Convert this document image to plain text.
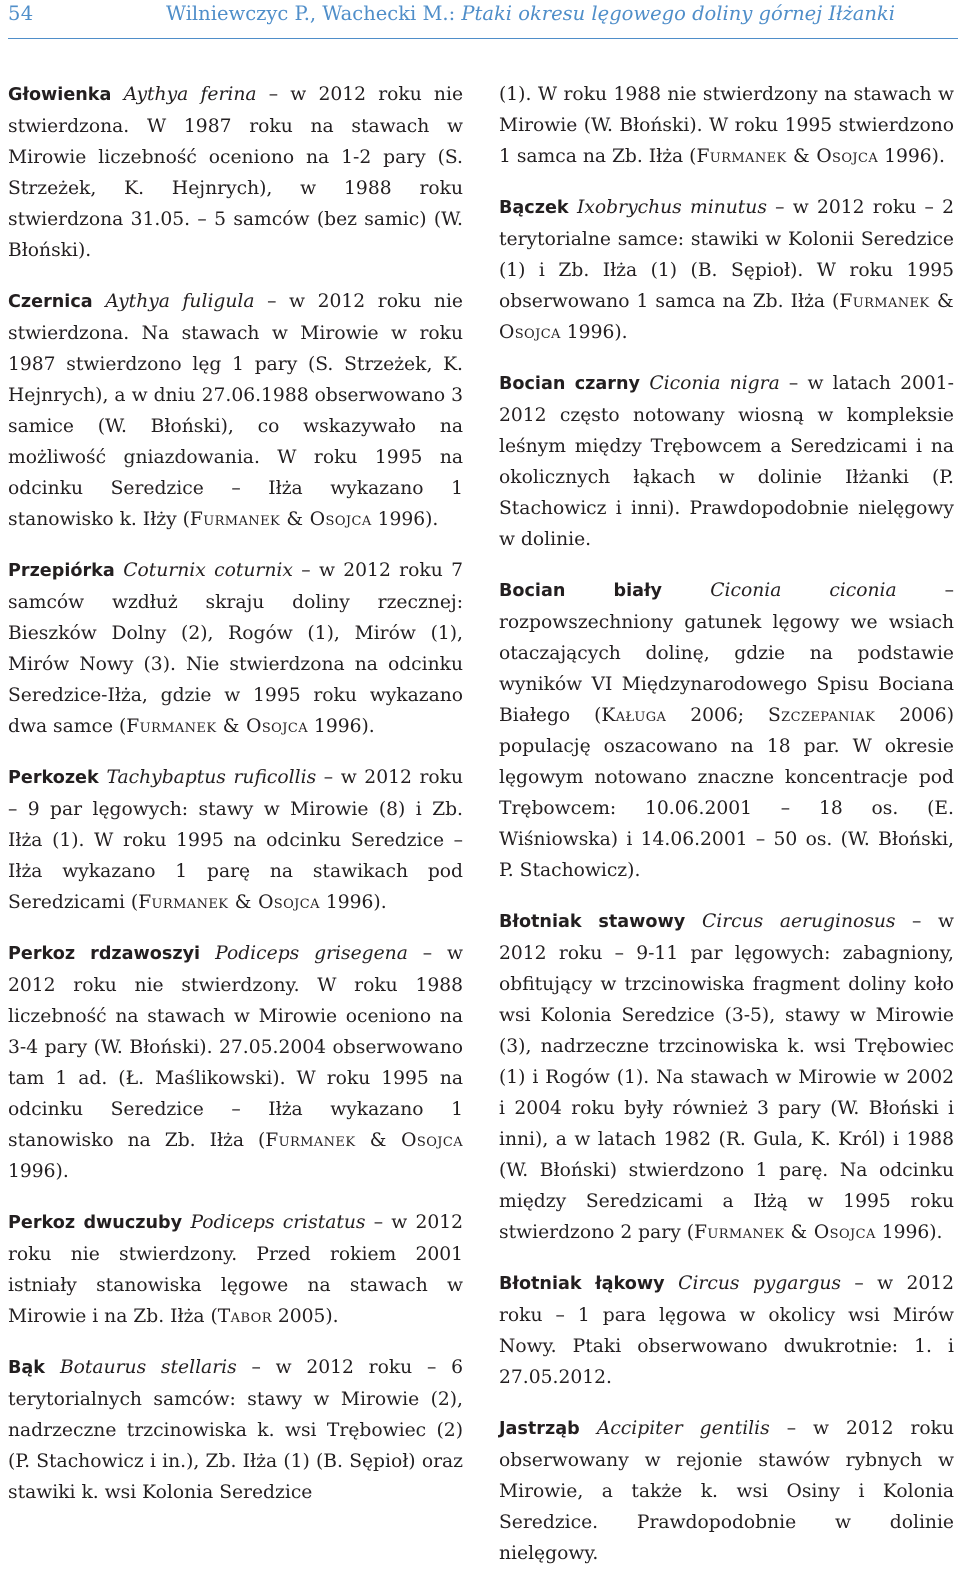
54	Wilniewczyc P., Wachecki M.: Ptaki okresu lęgowego doliny górnej Iłżanki

Głowienka Aythya ferina – w 2012 roku nie stwierdzona. W 1987 roku na stawach w Mirowie liczebność oceniono na 1-2 pary (S. Strzeżek, K. Hejnrych), w 1988 roku stwierdzona 31.05. – 5 samców (bez samic) (W. Błoński).

Czernica Aythya fuligula – w 2012 roku nie stwierdzona. Na stawach w Mirowie w roku 1987 stwierdzono lęg 1 pary (S. Strzeżek, K. Hejnrych), a w dniu 27.06.1988 obserwowano 3 samice (W. Błoński), co wskazywało na możliwość gniazdowania. W roku 1995 na odcinku Seredzice – Iłża wykazano 1 stanowisko k. Iłży (Furmanek & Osojca 1996).

Przepiórka Coturnix coturnix – w 2012 roku 7 samców wzdłuż skraju doliny rzecznej: Bieszków Dolny (2), Rogów (1), Mirów (1), Mirów Nowy (3). Nie stwierdzona na odcinku Seredzice-Iłża, gdzie w 1995 roku wykazano dwa samce (Furmanek & Osojca 1996).

Perkozek Tachybaptus ruficollis – w 2012 roku – 9 par lęgowych: stawy w Mirowie (8) i Zb. Iłża (1). W roku 1995 na odcinku Seredzice – Iłża wykazano 1 parę na stawikach pod Seredzicami (Furmanek & Osojca 1996).

Perkoz rdzawoszyi Podiceps grisegena – w 2012 roku nie stwierdzony. W roku 1988 liczebność na stawach w Mirowie oceniono na 3-4 pary (W. Błoński). 27.05.2004 obserwowano tam 1 ad. (Ł. Maślikowski). W roku 1995 na odcinku Seredzice – Iłża wykazano 1 stanowisko na Zb. Iłża (Furmanek & Osojca 1996).

Perkoz dwuczuby Podiceps cristatus – w 2012 roku nie stwierdzony. Przed rokiem 2001 istniały stanowiska lęgowe na stawach w Mirowie i na Zb. Iłża (Tabor 2005).

Bąk Botaurus stellaris – w 2012 roku – 6 terytorialnych samców: stawy w Mirowie (2), nadrzeczne trzcinowiska k. wsi Trębowiec (2) (P. Stachowicz i in.), Zb. Iłża (1) (B. Sępioł) oraz stawiki k. wsi Kolonia Seredzice

(1). W roku 1988 nie stwierdzony na stawach w Mirowie (W. Błoński). W roku 1995 stwierdzono 1 samca na Zb. Iłża (Furmanek & Osojca 1996).

Bączek Ixobrychus minutus – w 2012 roku – 2 terytorialne samce: stawiki w Kolonii Seredzice (1) i Zb. Iłża (1) (B. Sępioł). W roku 1995 obserwowano 1 samca na Zb. Iłża (Furmanek & Osojca 1996).

Bocian czarny Ciconia nigra – w latach 2001-2012 często notowany wiosną w kompleksie leśnym między Trębowcem a Seredzicami i na okolicznych łąkach w dolinie Iłżanki (P. Stachowicz i inni). Prawdopodobnie nielęgowy w dolinie.

Bocian biały Ciconia ciconia – rozpowszechniony gatunek lęgowy we wsiach otaczających dolinę, gdzie na podstawie wyników VI Międzynarodowego Spisu Bociana Białego (Kaługa 2006; Szczepaniak 2006) populację oszacowano na 18 par. W okresie lęgowym notowano znaczne koncentracje pod Trębowcem: 10.06.2001 – 18 os. (E. Wiśniowska) i 14.06.2001 – 50 os. (W. Błoński, P. Stachowicz).

Błotniak stawowy Circus aeruginosus – w 2012 roku – 9-11 par lęgowych: zabagniony, obfitujący w trzcinowiska fragment doliny koło wsi Kolonia Seredzice (3-5), stawy w Mirowie (3), nadrzeczne trzcinowiska k. wsi Trębowiec (1) i Rogów (1). Na stawach w Mirowie w 2002 i 2004 roku były również 3 pary (W. Błoński i inni), a w latach 1982 (R. Gula, K. Król) i 1988 (W. Błoński) stwierdzono 1 parę. Na odcinku między Seredzicami a Iłżą w 1995 roku stwierdzono 2 pary (Furmanek & Osojca 1996).

Błotniak łąkowy Circus pygargus – w 2012 roku – 1 para lęgowa w okolicy wsi Mirów Nowy. Ptaki obserwowano dwukrotnie: 1. i 27.05.2012.

Jastrząb Accipiter gentilis – w 2012 roku obserwowany w rejonie stawów rybnych w Mirowie, a także k. wsi Osiny i Kolonia Seredzice. Prawdopodobnie w dolinie nielęgowy.
